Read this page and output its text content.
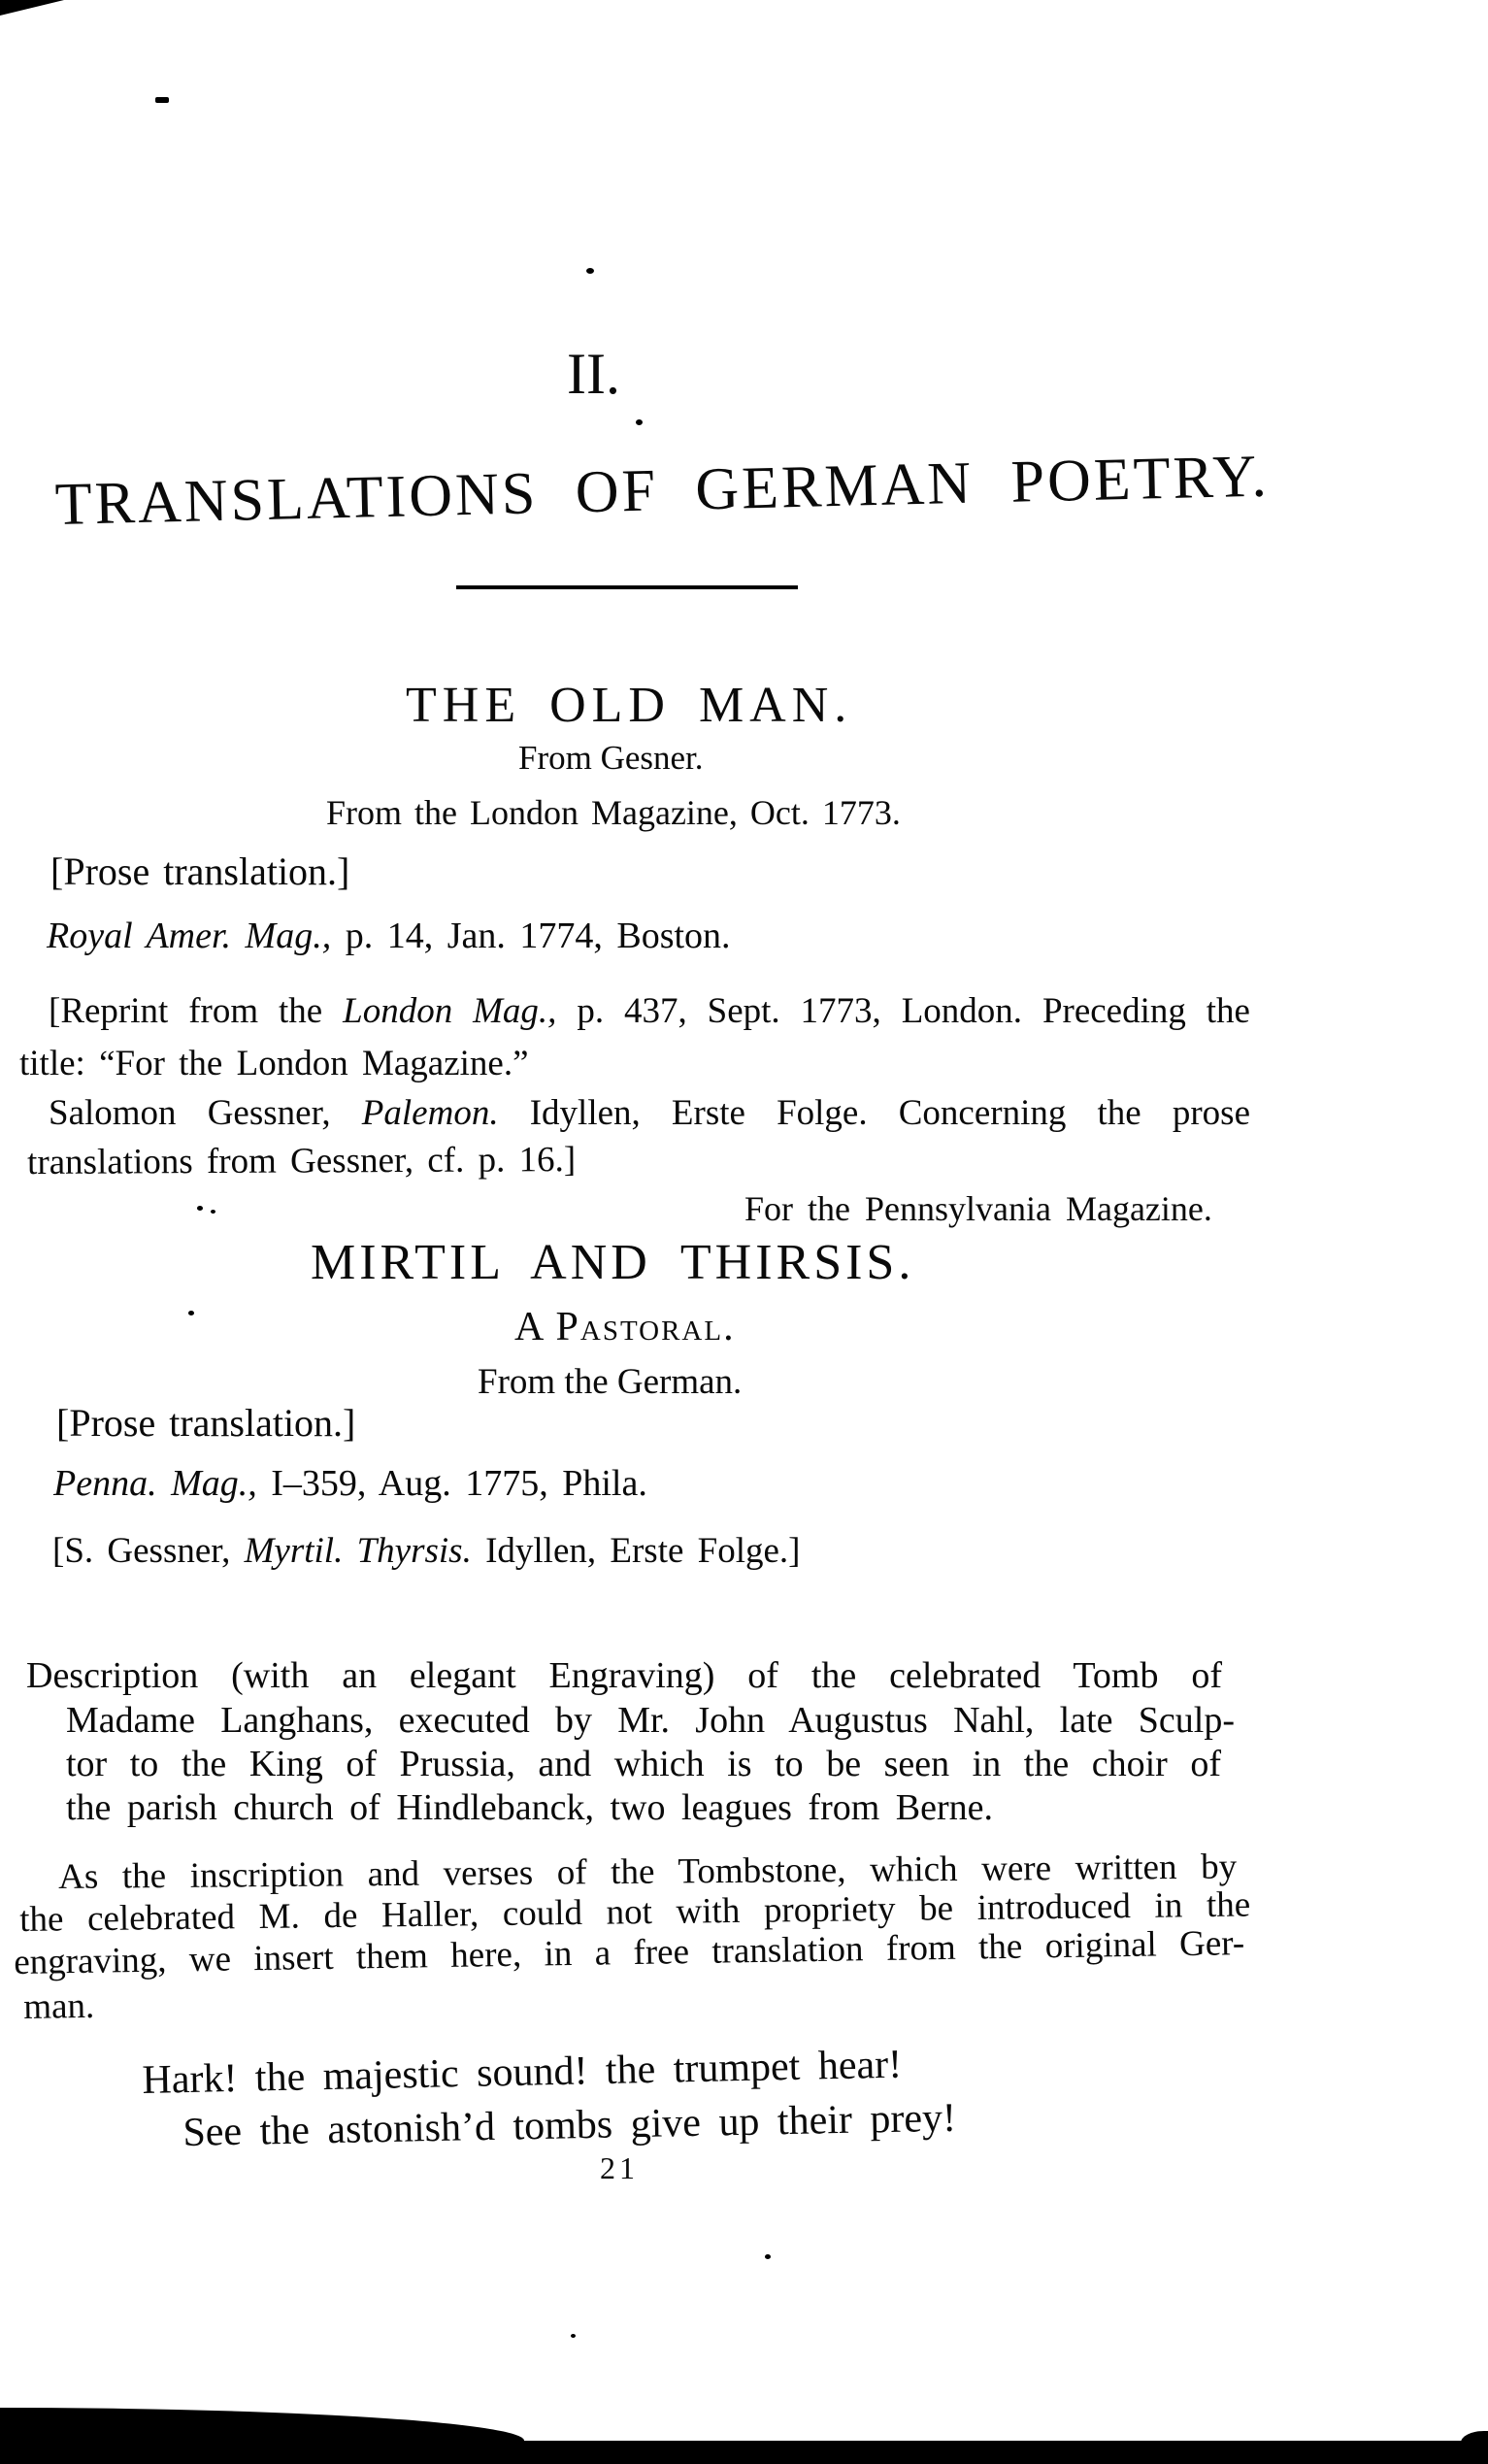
II.
TRANSLATIONS OF GERMAN POETRY.
THE OLD MAN.
From Gesner.
From the London Magazine, Oct. 1773.
[Prose translation.]
Royal Amer. Mag., p. 14, Jan. 1774, Boston.
[Reprint from the London Mag., p. 437, Sept. 1773, London. Preceding the
title: “For the London Magazine.”
Salomon Gessner, Palemon. Idyllen, Erste Folge. Concerning the prose
translations from Gessner, cf. p. 16.]
For the Pennsylvania Magazine.
MIRTIL AND THIRSIS.
A Pastoral.
From the German.
[Prose translation.]
Penna. Mag., I–359, Aug. 1775, Phila.
[S. Gessner, Myrtil. Thyrsis. Idyllen, Erste Folge.]
Description (with an elegant Engraving) of the celebrated Tomb of
Madame Langhans, executed by Mr. John Augustus Nahl, late Sculp-
tor to the King of Prussia, and which is to be seen in the choir of
the parish church of Hindlebanck, two leagues from Berne.
As the inscription and verses of the Tombstone, which were written by
the celebrated M. de Haller, could not with propriety be introduced in the
engraving, we insert them here, in a free translation from the original Ger-
man.
Hark! the majestic sound! the trumpet hear!
See the astonish’d tombs give up their prey!
21
